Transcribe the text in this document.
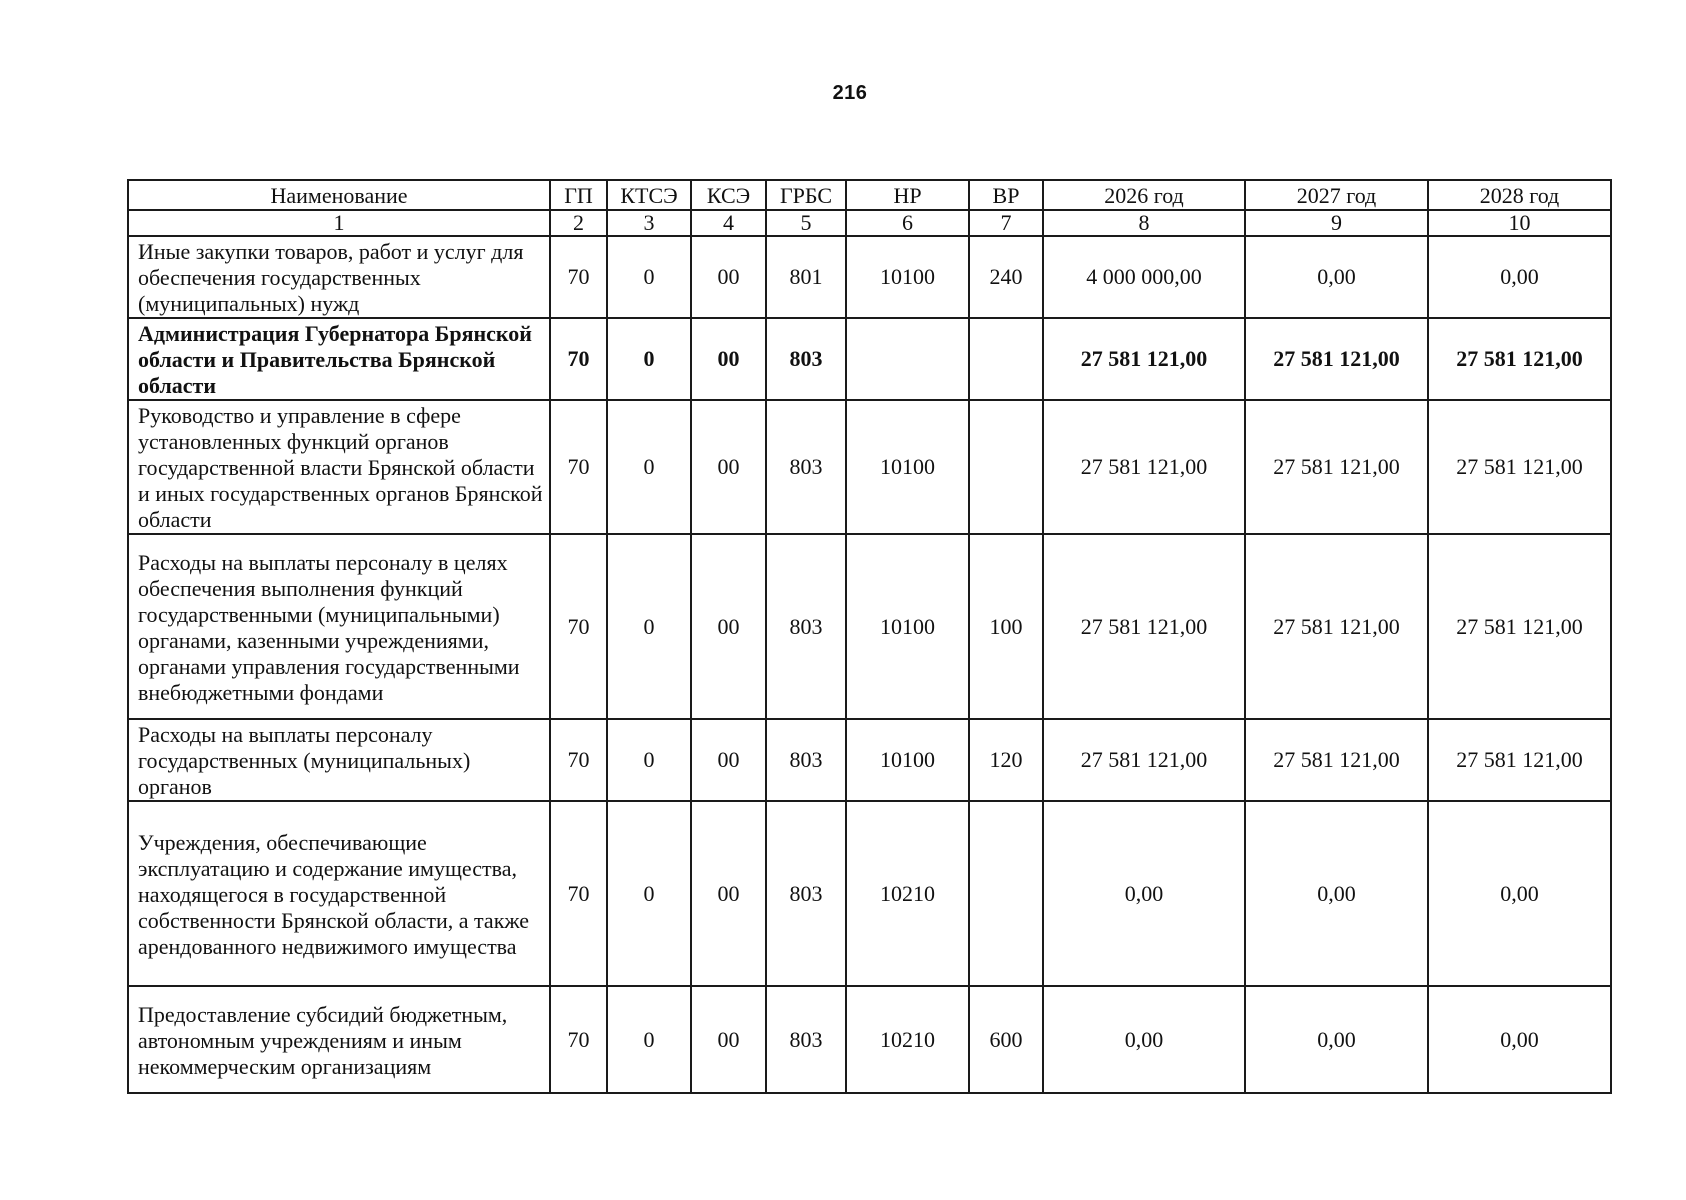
216
Наименование	ГП	КТСЭ	КСЭ	ГРБС	НР	ВР	2026 год	2027 год	2028 год
1	2	3	4	5	6	7	8	9	10
Иные закупки товаров, работ и услуг для обеспечения государственных (муниципальных) нужд	70	0	00	801	10100	240	4 000 000,00	0,00	0,00
Администрация Губернатора Брянской области и Правительства Брянской области	70	0	00	803			27 581 121,00	27 581 121,00	27 581 121,00
Руководство и управление в сфере установленных функций органов государственной власти Брянской области и иных государственных органов Брянской области	70	0	00	803	10100		27 581 121,00	27 581 121,00	27 581 121,00
Расходы на выплаты персоналу в целях обеспечения выполнения функций государственными (муниципальными) органами, казенными учреждениями, органами управления государственными внебюджетными фондами	70	0	00	803	10100	100	27 581 121,00	27 581 121,00	27 581 121,00
Расходы на выплаты персоналу государственных (муниципальных) органов	70	0	00	803	10100	120	27 581 121,00	27 581 121,00	27 581 121,00
Учреждения, обеспечивающие эксплуатацию и содержание имущества, находящегося в государственной собственности Брянской области, а также арендованного недвижимого имущества	70	0	00	803	10210		0,00	0,00	0,00
Предоставление субсидий бюджетным, автономным учреждениям и иным некоммерческим организациям	70	0	00	803	10210	600	0,00	0,00	0,00
